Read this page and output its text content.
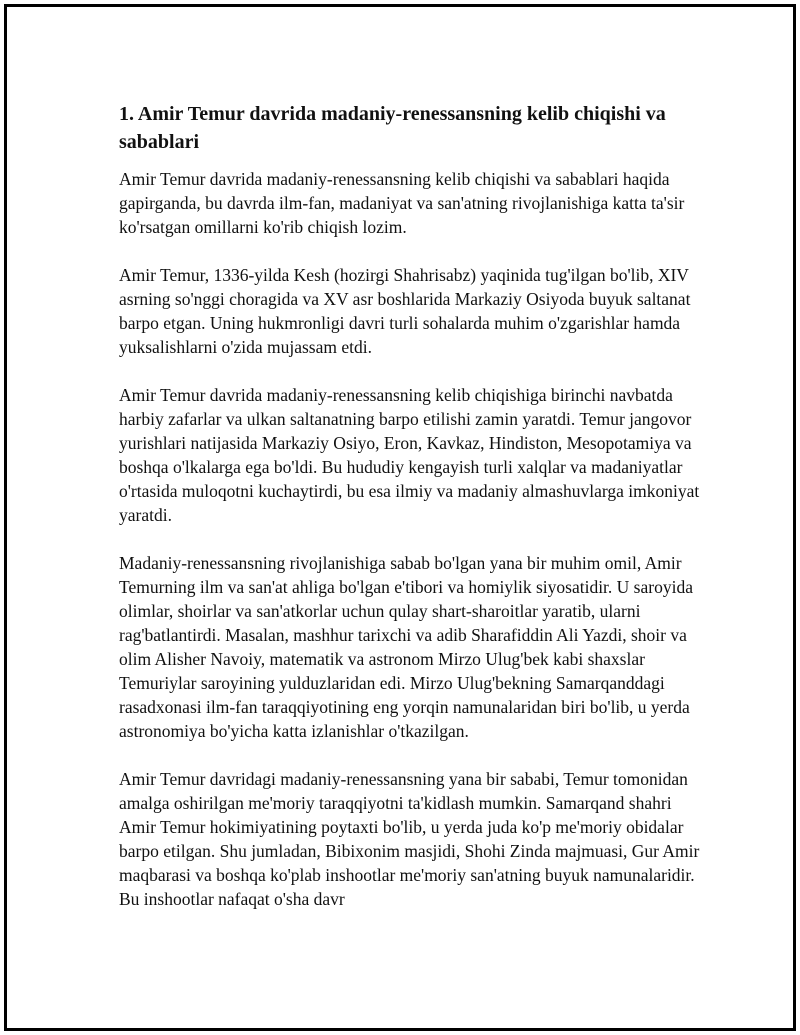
1. Amir Temur davrida madaniy-renessansning kelib chiqishi va sabablari

Amir Temur davrida madaniy-renessansning kelib chiqishi va sabablari haqida gapirganda, bu davrda ilm-fan, madaniyat va san'atning rivojlanishiga katta ta'sir ko'rsatgan omillarni ko'rib chiqish lozim.

Amir Temur, 1336-yilda Kesh (hozirgi Shahrisabz) yaqinida tug'ilgan bo'lib, XIV asrning so'nggi choragida va XV asr boshlarida Markaziy Osiyoda buyuk saltanat barpo etgan. Uning hukmronligi davri turli sohalarda muhim o'zgarishlar hamda yuksalishlarni o'zida mujassam etdi.

Amir Temur davrida madaniy-renessansning kelib chiqishiga birinchi navbatda harbiy zafarlar va ulkan saltanatning barpo etilishi zamin yaratdi. Temur jangovor yurishlari natijasida Markaziy Osiyo, Eron, Kavkaz, Hindiston, Mesopotamiya va boshqa o'lkalarga ega bo'ldi. Bu hududiy kengayish turli xalqlar va madaniyatlar o'rtasida muloqotni kuchaytirdi, bu esa ilmiy va madaniy almashuvlarga imkoniyat yaratdi.

Madaniy-renessansning rivojlanishiga sabab bo'lgan yana bir muhim omil, Amir Temurning ilm va san'at ahliga bo'lgan e'tibori va homiylik siyosatidir. U saroyida olimlar, shoirlar va san'atkorlar uchun qulay shart-sharoitlar yaratib, ularni rag'batlantirdi. Masalan, mashhur tarixchi va adib Sharafiddin Ali Yazdi, shoir va olim Alisher Navoiy, matematik va astronom Mirzo Ulug'bek kabi shaxslar Temuriylar saroyining yulduzlaridan edi. Mirzo Ulug'bekning Samarqanddagi rasadxonasi ilm-fan taraqqiyotining eng yorqin namunalaridan biri bo'lib, u yerda astronomiya bo'yicha katta izlanishlar o'tkazilgan.

Amir Temur davridagi madaniy-renessansning yana bir sababi, Temur tomonidan amalga oshirilgan me'moriy taraqqiyotni ta'kidlash mumkin. Samarqand shahri Amir Temur hokimiyatining poytaxti bo'lib, u yerda juda ko'p me'moriy obidalar barpo etilgan. Shu jumladan, Bibixonim masjidi, Shohi Zinda majmuasi, Gur Amir maqbarasi va boshqa ko'plab inshootlar me'moriy san'atning buyuk namunalaridir. Bu inshootlar nafaqat o'sha davr
